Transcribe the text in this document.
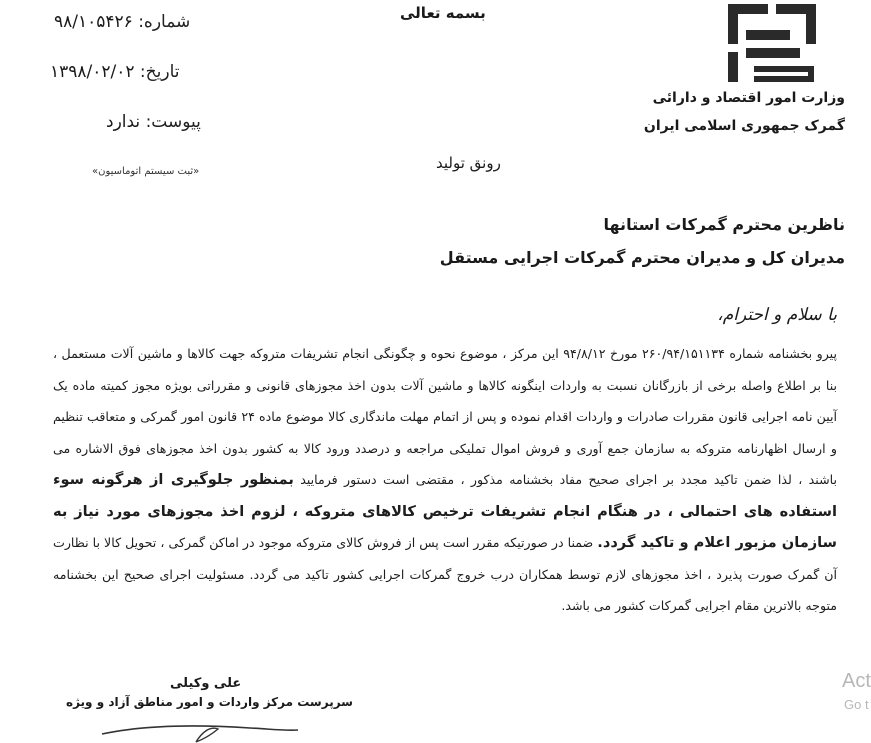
وزارت امور اقتصاد و دارائی
گمرک جمهوری اسلامی ایران
بسمه تعالی
شماره: ۹۸/۱۰۵۴۲۶
تاریخ: ۱۳۹۸/۰۲/۰۲
پیوست: ندارد
«ثبت سیستم اتوماسیون»	رونق تولید
ناظرین محترم گمرکات استانها
مدیران کل و مدیران محترم گمرکات اجرایی مستقل
با سلام و احترام،
پیرو بخشنامه شماره ۲۶۰/۹۴/۱۵۱۱۳۴ مورخ ۹۴/۸/۱۲ این مرکز ، موضوع نحوه و چگونگی انجام تشریفات متروکه جهت کالاها و ماشین آلات مستعمل ، بنا بر اطلاع واصله برخی از بازرگانان نسبت به واردات اینگونه کالاها و ماشین آلات بدون اخذ مجوزهای قانونی و مقرراتی بویژه مجوز کمیته ماده یک آیین نامه اجرایی قانون مقررات صادرات و واردات اقدام نموده و پس از اتمام مهلت ماندگاری کالا موضوع ماده ۲۴ قانون امور گمرکی و متعاقب تنظیم و ارسال اظهارنامه متروکه به سازمان جمع آوری و فروش اموال تملیکی مراجعه و درصدد ورود کالا به کشور بدون اخذ مجوزهای فوق الاشاره می باشند ، لذا ضمن تاکید مجدد بر اجرای صحیح مفاد بخشنامه مذکور ، مقتضی است دستور فرمایید بمنظور جلوگیری از هرگونه سوء استفاده های احتمالی ، در هنگام انجام تشریفات ترخیص کالاهای متروکه ، لزوم اخذ مجوزهای مورد نیاز به سازمان مزبور اعلام و تاکید گردد. ضمنا در صورتیکه مقرر است پس از فروش کالای متروکه موجود در اماکن گمرکی ، تحویل کالا با نظارت آن گمرک صورت پذیرد ، اخذ مجوزهای لازم توسط همکاران درب خروج گمرکات اجرایی کشور تاکید می گردد. مسئولیت اجرای صحیح این بخشنامه متوجه بالاترین مقام اجرایی گمرکات کشور می باشد.
علی وکیلی
سرپرست مرکز واردات و امور مناطق آزاد و ویژه
Act
Go t
